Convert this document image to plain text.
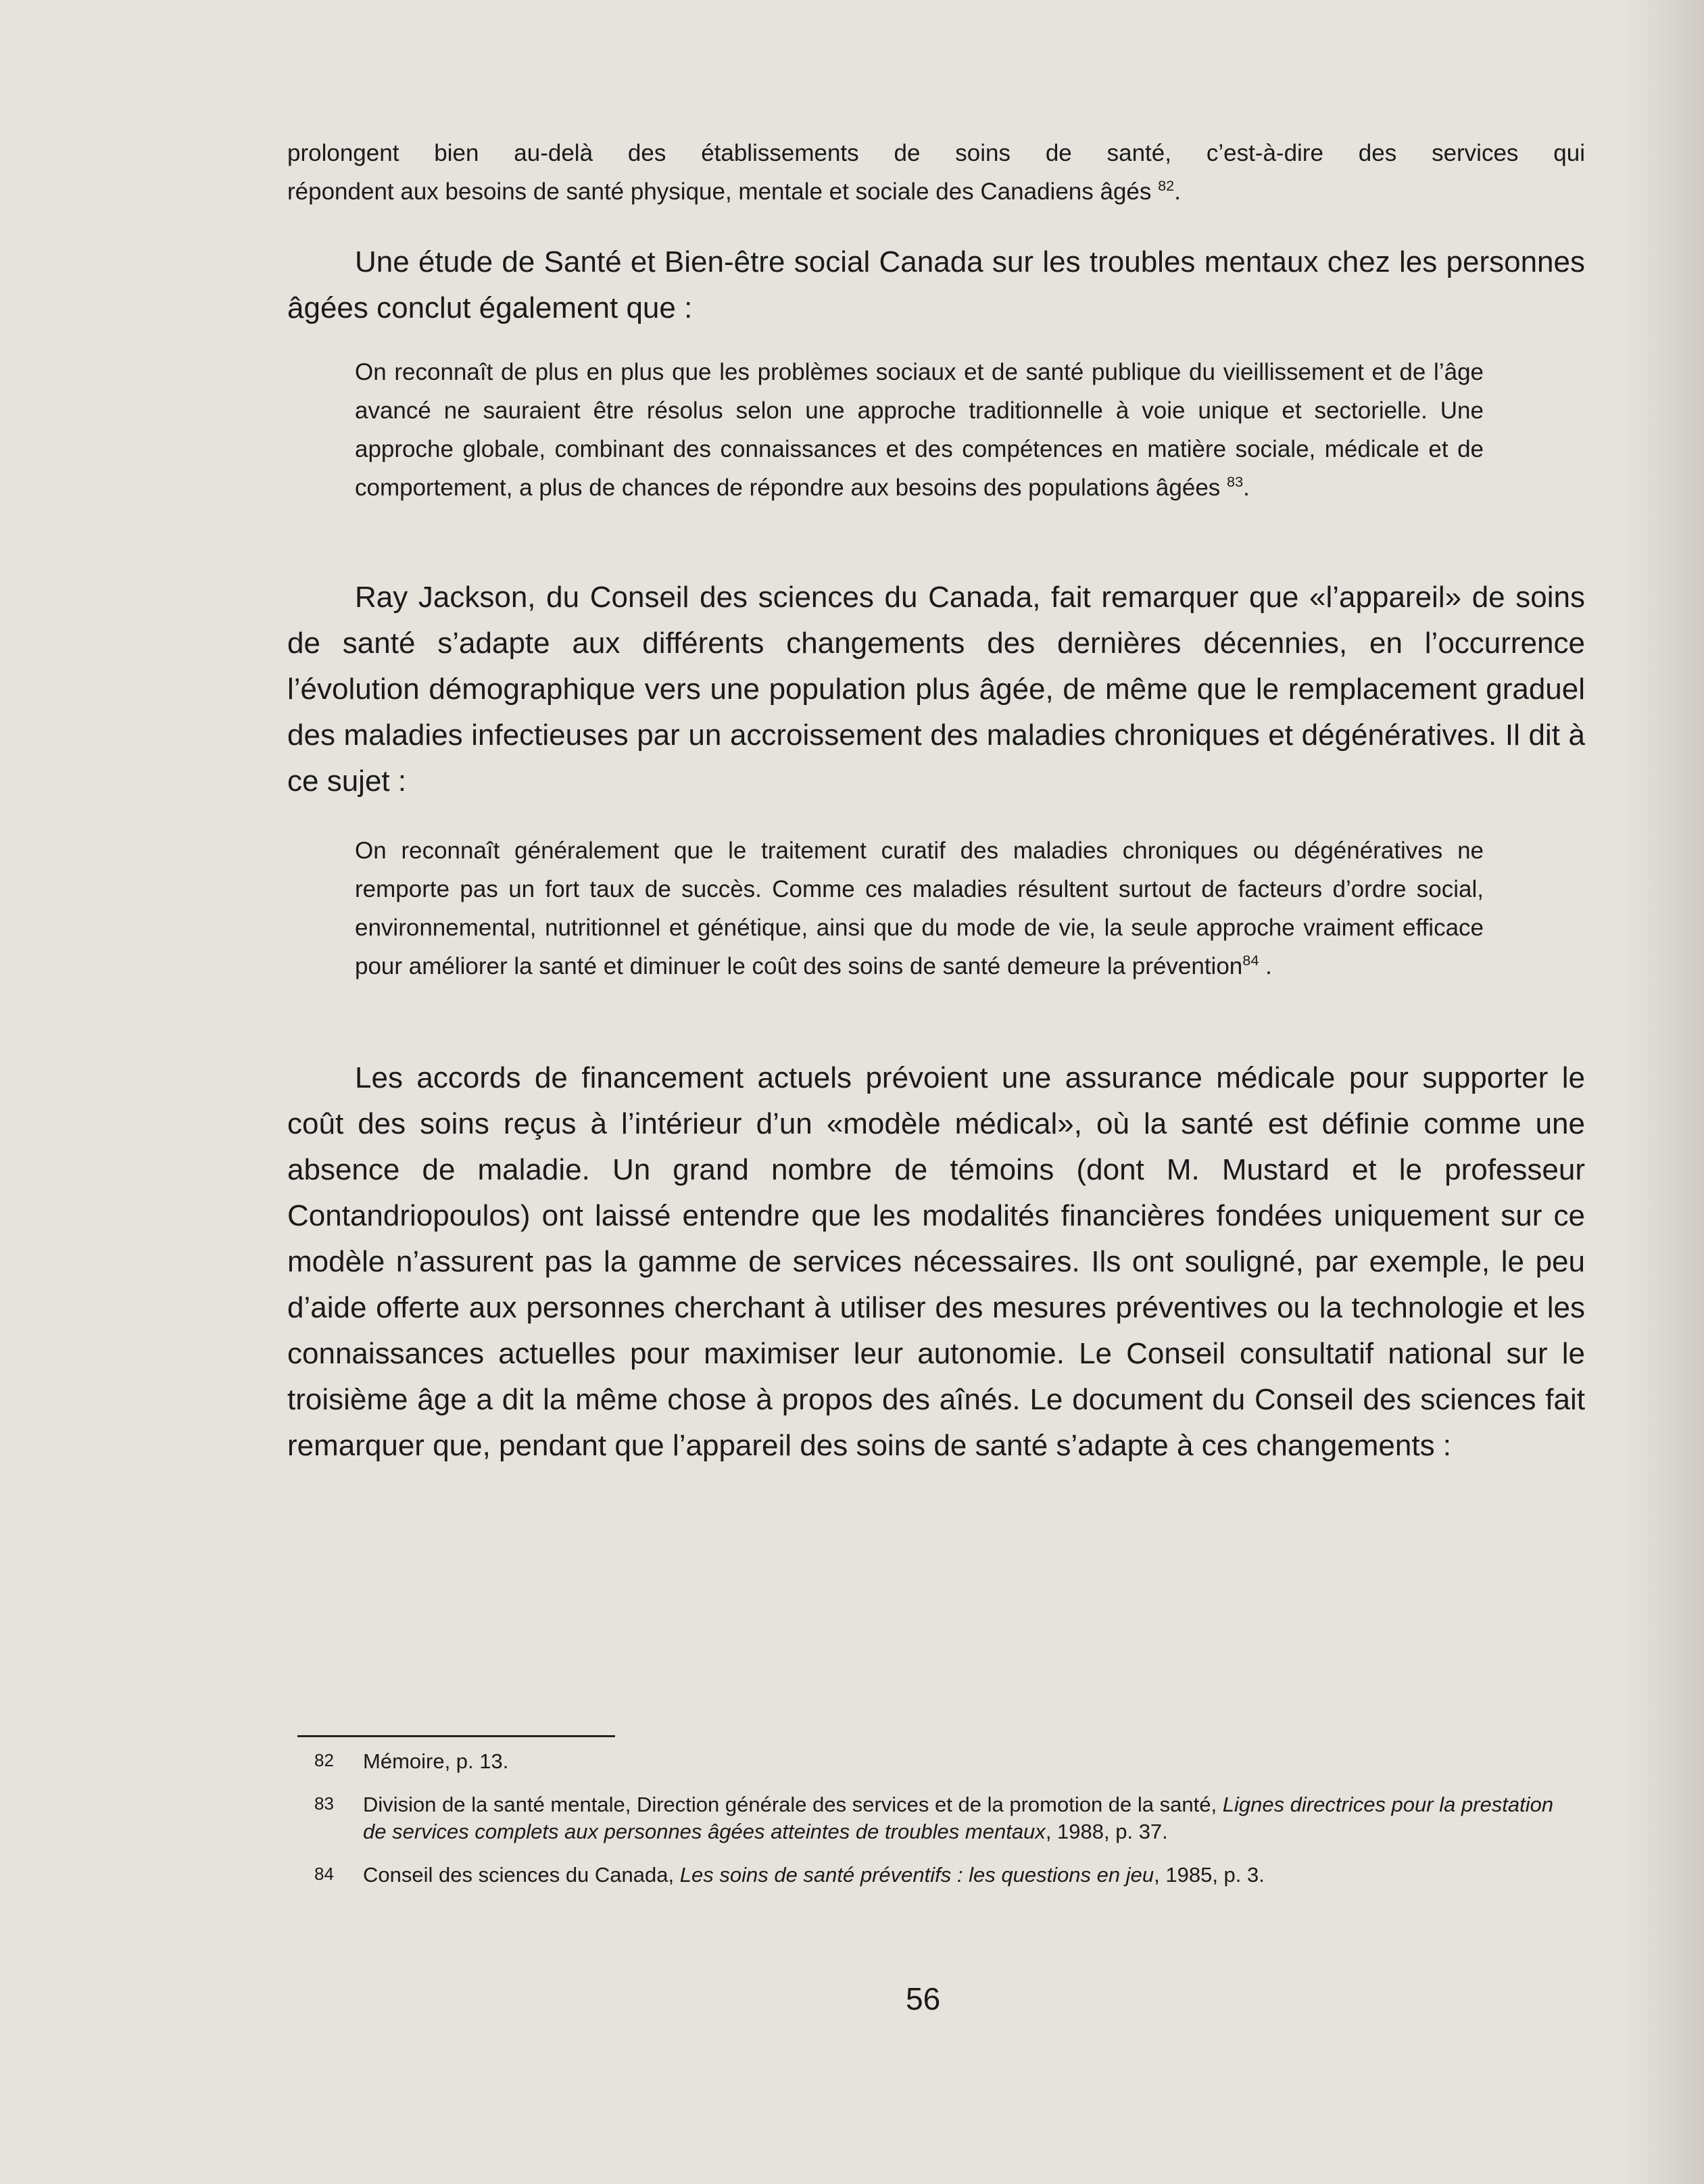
prolongent bien au-delà des établissements de soins de santé, c’est-à-dire des services qui
répondent aux besoins de santé physique, mentale et sociale des Canadiens âgés $^{82}$.

Une étude de Santé et Bien-être social Canada sur les troubles mentaux chez les personnes âgées conclut également que :

On reconnaît de plus en plus que les problèmes sociaux et de santé publique du vieillissement et de l’âge avancé ne sauraient être résolus selon une approche traditionnelle à voie unique et sectorielle. Une approche globale, combinant des connaissances et des compétences en matière sociale, médicale et de comportement, a plus de chances de répondre aux besoins des populations âgées $^{83}$.

Ray Jackson, du Conseil des sciences du Canada, fait remarquer que «l’appareil» de soins de santé s’adapte aux différents changements des dernières décennies, en l’occurrence l’évolution démographique vers une population plus âgée, de même que le remplacement graduel des maladies infectieuses par un accroissement des maladies chroniques et dégénératives. Il dit à ce sujet :

On reconnaît généralement que le traitement curatif des maladies chroniques ou dégénératives ne remporte pas un fort taux de succès. Comme ces maladies résultent surtout de facteurs d’ordre social, environnemental, nutritionnel et génétique, ainsi que du mode de vie, la seule approche vraiment efficace pour améliorer la santé et diminuer le coût des soins de santé demeure la prévention$^{84}$ .

Les accords de financement actuels prévoient une assurance médicale pour supporter le coût des soins reçus à l’intérieur d’un «modèle médical», où la santé est définie comme une absence de maladie. Un grand nombre de témoins (dont M. Mustard et le professeur Contandriopoulos) ont laissé entendre que les modalités financières fondées uniquement sur ce modèle n’assurent pas la gamme de services nécessaires. Ils ont souligné, par exemple, le peu d’aide offerte aux personnes cherchant à utiliser des mesures préventives ou la technologie et les connaissances actuelles pour maximiser leur autonomie. Le Conseil consultatif national sur le troisième âge a dit la même chose à propos des aînés. Le document du Conseil des sciences fait remarquer que, pendant que l’appareil des soins de santé s’adapte à ces changements :

82	Mémoire, p. 13.
83	Division de la santé mentale, Direction générale des services et de la promotion de la santé, Lignes directrices pour la prestation de services complets aux personnes âgées atteintes de troubles mentaux, 1988, p. 37.
84	Conseil des sciences du Canada, Les soins de santé préventifs : les questions en jeu, 1985, p. 3.
56
